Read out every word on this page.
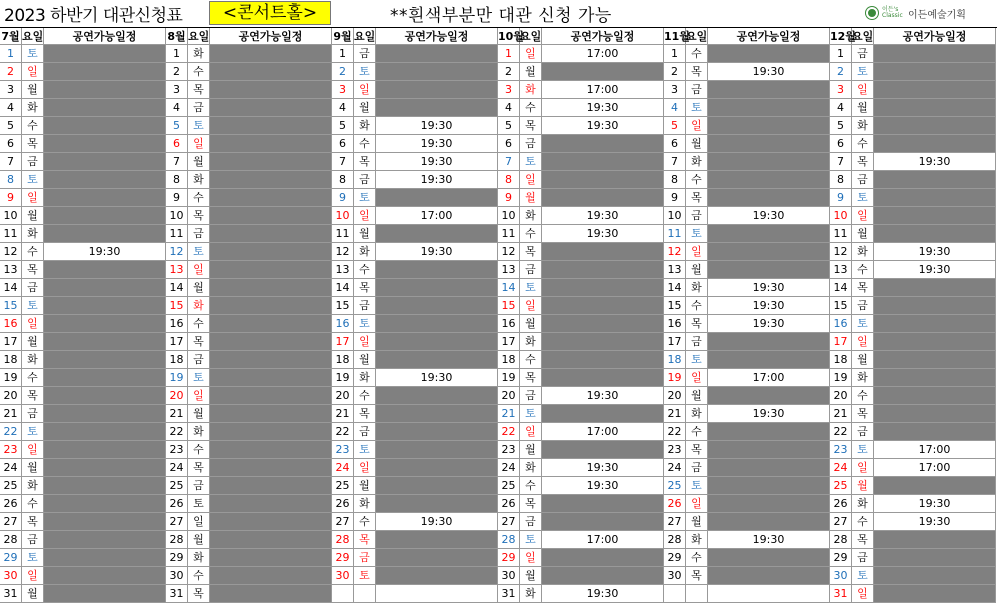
2023 하반기 대관신청표	<콘서트홀>	**흰색부분만 대관 신청 가능	이든's Classic 이든예술기획
7월 요일	공연가능일정
1	토
2	일
3	월
4	화
5	수
6	목
7	금
8	토
9	일
10 월
11 화
12 수	19:30
13 목
14 금
15 토
16 일
17 월
18 화
19 수
20 목
21 금
22 토
23 일
24 월
25 화
26 수
27 목
28 금
29 토
30 일
31 월
8월 요일	공연가능일정
1	화
2	수
3	목
4	금
5	토
6	일
7	월
8	화
9	수
10 목
11 금
12 토
13 일
14 월
15 화
16 수
17 목
18 금
19 토
20 일
21 월
22 화
23 수
24 목
25 금
26 토
27 일
28 월
29 화
30 수
31 목
9월 요일	공연가능일정
1	금
2	토
3	일
4	월
5	화	19:30
6	수	19:30
7	목	19:30
8	금	19:30
9	토
10 일	17:00
11 월
12 화	19:30
13 수
14 목
15 금
16 토
17 일
18 월
19 화	19:30
20 수
21 목
22 금
23 토
24 일
25 월
26 화
27 수	19:30
28 목
29 금
30 토
10월
요일	공연가능일정
1	일	17:00
2	월
3	화	17:00
4	수	19:30
5	목	19:30
6	금
7	토
8	일
9	월
10 화	19:30
11 수	19:30
12 목
13 금
14 토
15 일
16 월
17 화
18 수
19 목
20 금	19:30
21 토
22 일	17:00
23 월
24 화	19:30
25 수	19:30
26 목
27 금
28 토	17:00
29 일
30 월
31 화	19:30
11월
요일	공연가능일정
1	수
2	목	19:30
3	금
4	토
5	일
6	월
7	화
8	수
9	목
10 금	19:30
11 토
12 일
13 월
14 화	19:30
15 수	19:30
16 목	19:30
17 금
18 토
19 일	17:00
20 월
21 화	19:30
22 수
23 목
24 금
25 토
26 일
27 월
28 화	19:30
29 수
30 목
12월
요일	공연가능일정
1	금
2	토
3	일
4	월
5	화
6	수
7	목	19:30
8	금
9	토
10 일
11 월
12 화	19:30
13 수	19:30
14 목
15 금
16 토
17 일
18 월
19 화
20 수
21 목
22 금
23 토	17:00
24 일	17:00
25 월
26 화	19:30
27 수	19:30
28 목
29 금
30 토
31 일
